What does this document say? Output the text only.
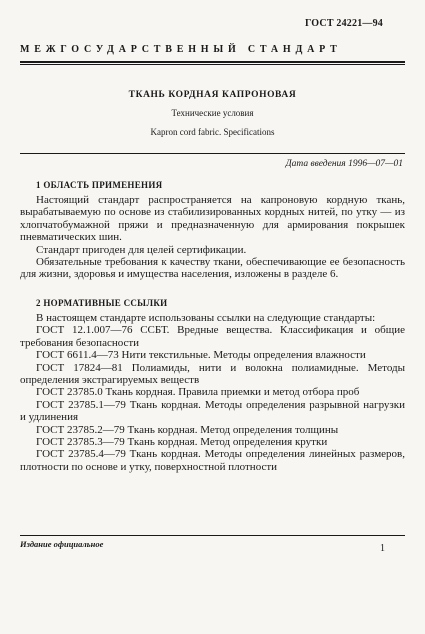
ГОСТ 24221—94
МЕЖГОСУДАРСТВЕННЫЙ СТАНДАРТ
ТКАНЬ КОРДНАЯ КАПРОНОВАЯ
Технические условия
Kapron cord fabric. Specifications
Дата введения 1996—07—01
1 ОБЛАСТЬ ПРИМЕНЕНИЯ

Настоящий стандарт распространяется на капроновую кордную ткань, вырабатываемую по основе из стабилизированных кордных нитей, по утку — из хлопчатобумажной пряжи и предназначенную для армирования покрышек пневматических шин.

Стандарт пригоден для целей сертификации.

Обязательные требования к качеству ткани, обеспечивающие ее безопасность для жизни, здоровья и имущества населения, изложены в разделе 6.

2 НОРМАТИВНЫЕ ССЫЛКИ

В настоящем стандарте использованы ссылки на следующие стандарты:

ГОСТ 12.1.007—76 ССБТ. Вредные вещества. Классификация и общие требования безопасности

ГОСТ 6611.4—73 Нити текстильные. Методы определения влажности

ГОСТ 17824—81 Полиамиды, нити и волокна полиамидные. Методы определения экстрагируемых веществ

ГОСТ 23785.0 Ткань кордная. Правила приемки и метод отбора проб

ГОСТ 23785.1—79 Ткань кордная. Методы определения разрывной нагрузки и удлинения

ГОСТ 23785.2—79 Ткань кордная. Метод определения толщины

ГОСТ 23785.3—79 Ткань кордная. Метод определения крутки

ГОСТ 23785.4—79 Ткань кордная. Методы определения линейных размеров, плотности по основе и утку, поверхностной плотности

Издание официальное	1
